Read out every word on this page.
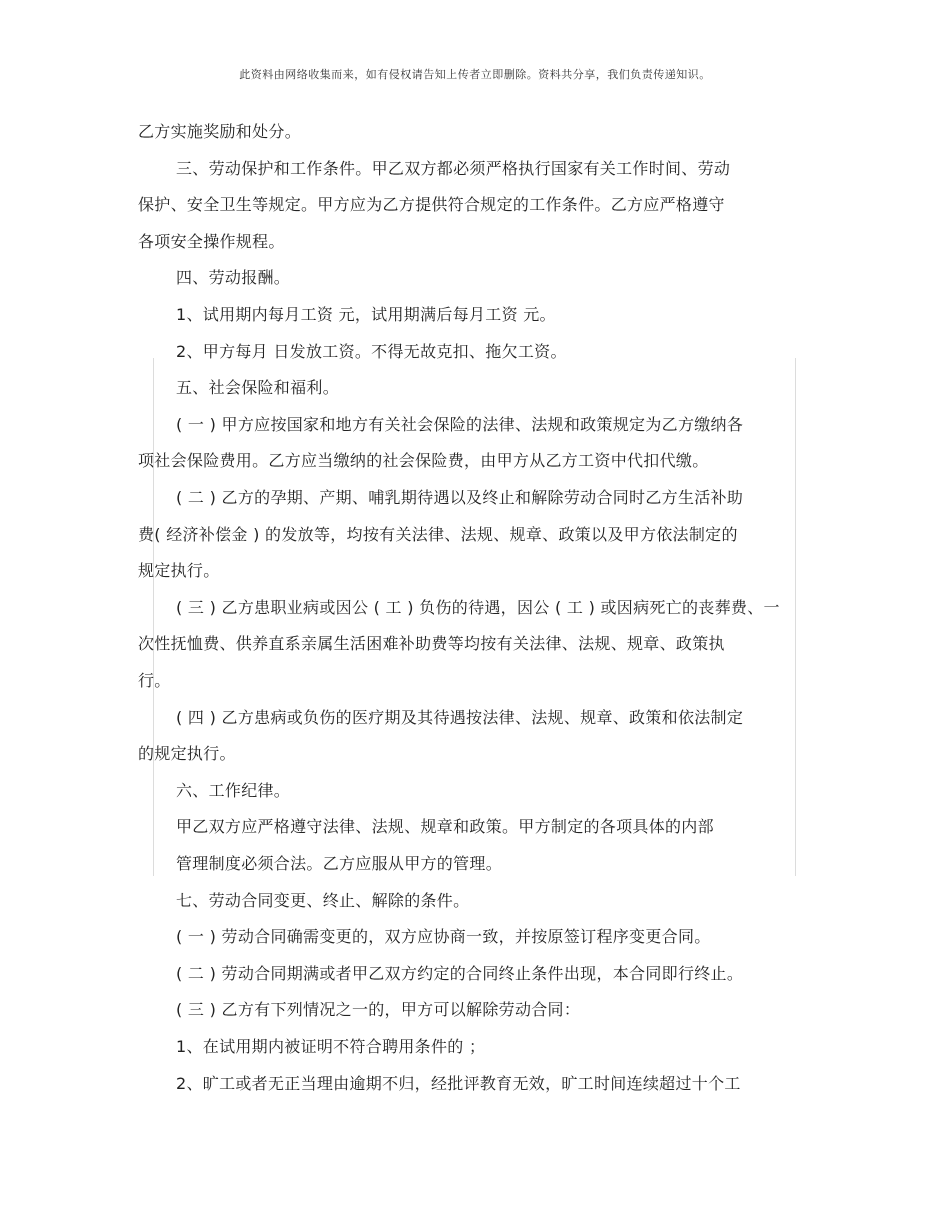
此资料由网络收集而来，如有侵权请告知上传者立即删除。资料共分享，我们负责传递知识。
乙方实施奖励和处分。
三、劳动保护和工作条件。甲乙双方都必须严格执行国家有关工作时间、劳动
保护、安全卫生等规定。甲方应为乙方提供符合规定的工作条件。乙方应严格遵守
各项安全操作规程。
四、劳动报酬。
1、试用期内每月工资 元，试用期满后每月工资 元。
2、甲方每月 日发放工资。不得无故克扣、拖欠工资。
五、社会保险和福利。
( 一 ) 甲方应按国家和地方有关社会保险的法律、法规和政策规定为乙方缴纳各
项社会保险费用。乙方应当缴纳的社会保险费，由甲方从乙方工资中代扣代缴。
( 二 ) 乙方的孕期、产期、哺乳期待遇以及终止和解除劳动合同时乙方生活补助
费( 经济补偿金 ) 的发放等，均按有关法律、法规、规章、政策以及甲方依法制定的
规定执行。
( 三 ) 乙方患职业病或因公 ( 工 ) 负伤的待遇，因公 ( 工 ) 或因病死亡的丧葬费、一
次性抚恤费、供养直系亲属生活困难补助费等均按有关法律、法规、规章、政策执
行。
( 四 ) 乙方患病或负伤的医疗期及其待遇按法律、法规、规章、政策和依法制定
的规定执行。
六、工作纪律。
甲乙双方应严格遵守法律、法规、规章和政策。甲方制定的各项具体的内部
管理制度必须合法。乙方应服从甲方的管理。
七、劳动合同变更、终止、解除的条件。
( 一 ) 劳动合同确需变更的，双方应协商一致，并按原签订程序变更合同。
( 二 ) 劳动合同期满或者甲乙双方约定的合同终止条件出现，本合同即行终止。
( 三 ) 乙方有下列情况之一的，甲方可以解除劳动合同：
1、在试用期内被证明不符合聘用条件的 ；
2、旷工或者无正当理由逾期不归，经批评教育无效，旷工时间连续超过十个工
